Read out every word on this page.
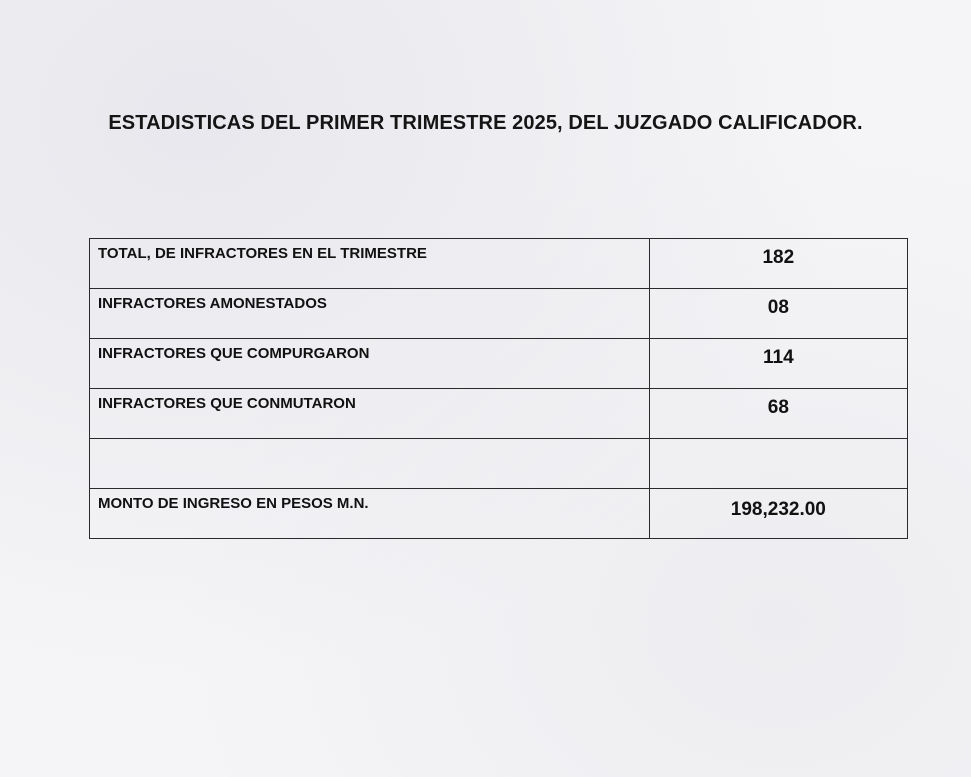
ESTADISTICAS DEL PRIMER TRIMESTRE 2025, DEL JUZGADO CALIFICADOR.
TOTAL, DE INFRACTORES EN EL TRIMESTRE	182
INFRACTORES AMONESTADOS	08
INFRACTORES QUE COMPURGARON	114
INFRACTORES QUE CONMUTARON	68

MONTO DE INGRESO EN PESOS M.N.	198,232.00
